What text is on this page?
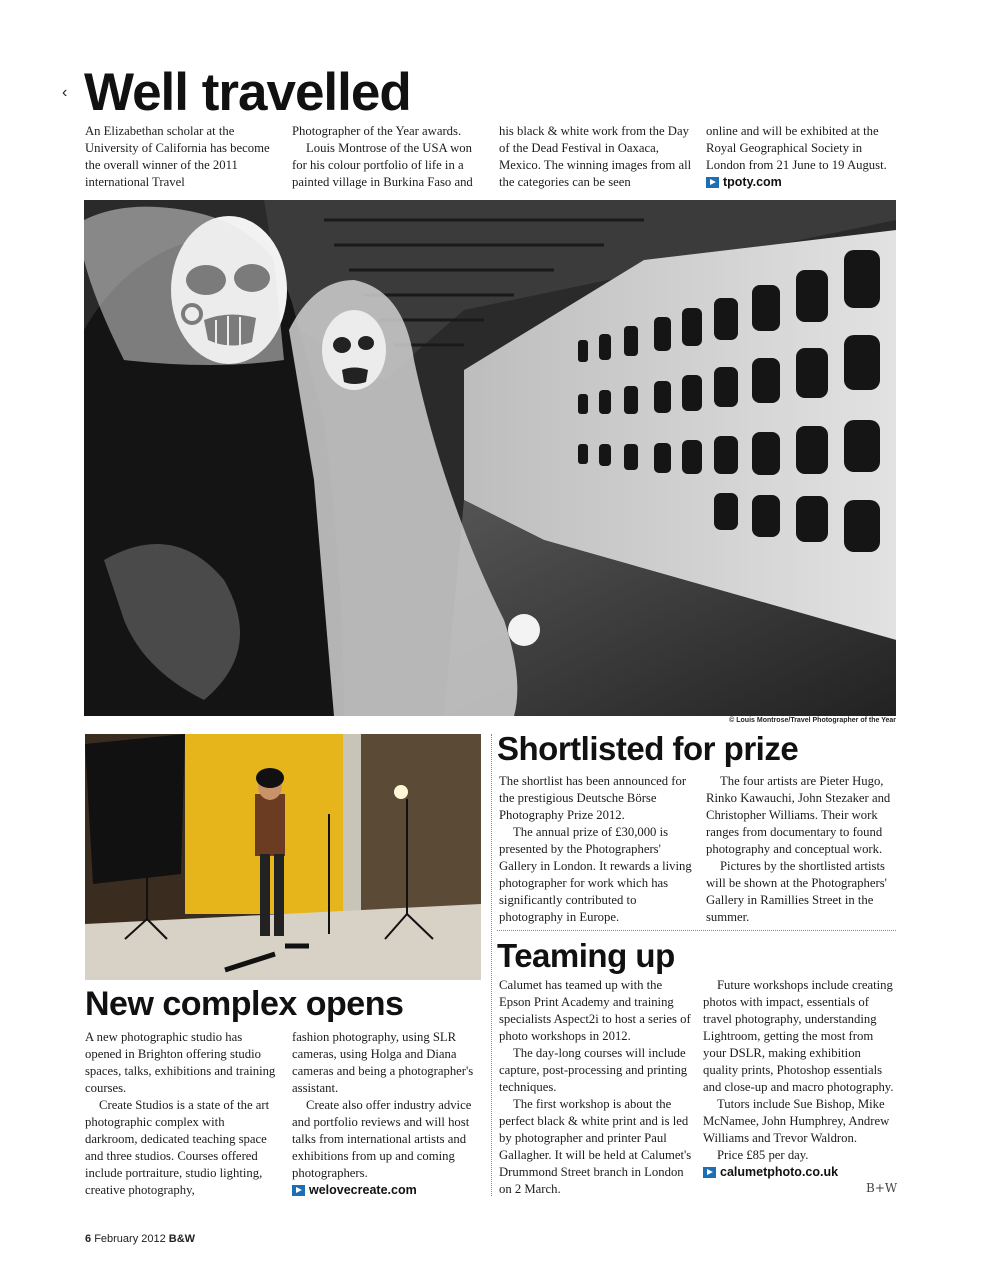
‹ Well travelled

An Elizabethan scholar at the University of California has become the overall winner of the 2011 international Travel

Photographer of the Year awards.

Louis Montrose of the USA won for his colour portfolio of life in a painted village in Burkina Faso and

his black & white work from the Day of the Dead Festival in Oaxaca, Mexico. The winning images from all the categories can be seen

online and will be exhibited at the Royal Geographical Society in London from 21 June to 19 August.

tpoty.com
© Louis Montrose/Travel Photographer of the Year
Shortlisted for prize

The shortlist has been announced for the prestigious Deutsche Börse Photography Prize 2012.

The annual prize of £30,000 is presented by the Photographers' Gallery in London. It rewards a living photographer for work which has significantly contributed to photography in Europe.

The four artists are Pieter Hugo, Rinko Kawauchi, John Stezaker and Christopher Williams. Their work ranges from documentary to found photography and conceptual work.

Pictures by the shortlisted artists will be shown at the Photographers' Gallery in Ramillies Street in the summer.

New complex opens

A new photographic studio has opened in Brighton offering studio spaces, talks, exhibitions and training courses.

Create Studios is a state of the art photographic complex with darkroom, dedicated teaching space and three studios. Courses offered include portraiture, studio lighting, creative photography,

fashion photography, using SLR cameras, using Holga and Diana cameras and being a photographer's assistant.

Create also offer industry advice and portfolio reviews and will host talks from international artists and exhibitions from up and coming photographers.

welovecreate.com
Teaming up

Calumet has teamed up with the Epson Print Academy and training specialists Aspect2i to host a series of photo workshops in 2012.

The day-long courses will include capture, post-processing and printing techniques.

The first workshop is about the perfect black & white print and is led by photographer and printer Paul Gallagher. It will be held at Calumet's Drummond Street branch in London on 2 March.

Future workshops include creating photos with impact, essentials of travel photography, understanding Lightroom, getting the most from your DSLR, making exhibition quality prints, Photoshop essentials and close-up and macro photography.

Tutors include Sue Bishop, Mike McNamee, John Humphrey, Andrew Williams and Trevor Waldron.

Price £85 per day.

calumetphoto.co.uk
B+W
6 February 2012 B&W
